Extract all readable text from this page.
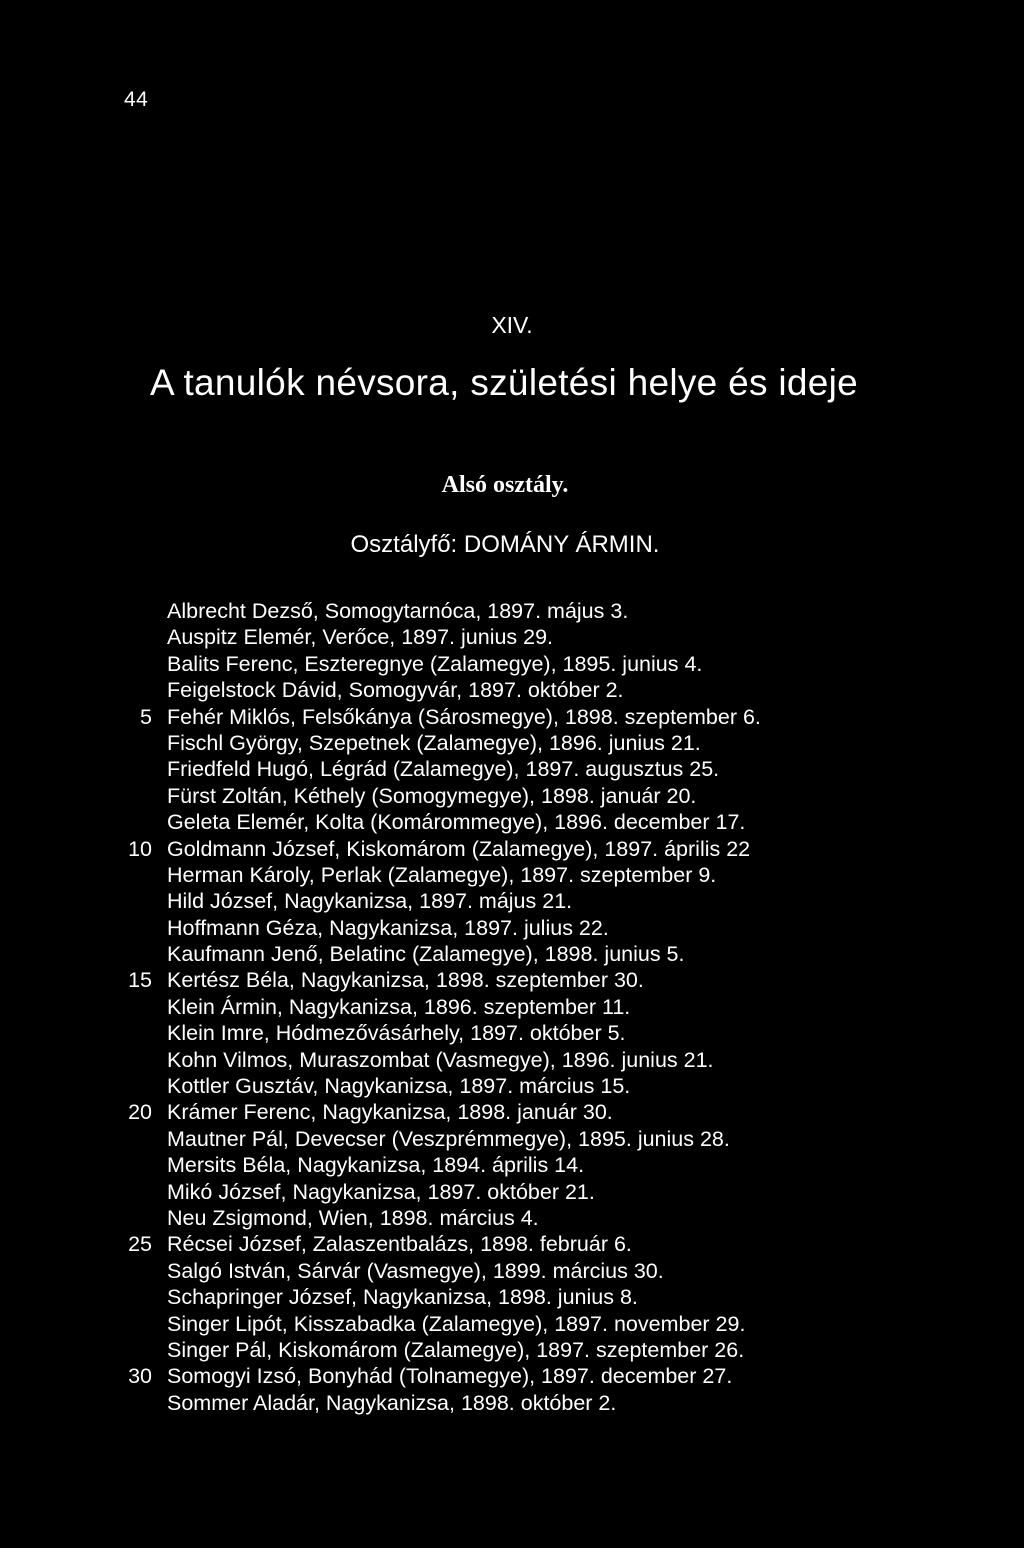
44
XIV.
A tanulók névsora, születési helye és ideje
Alsó osztály.
Osztályfő: DOMÁNY ÁRMIN.
Albrecht Dezső, Somogytarnóca, 1897. május 3.
Auspitz Elemér, Verőce, 1897. junius 29.
Balits Ferenc, Eszteregnye (Zalamegye), 1895. junius 4.
Feigelstock Dávid, Somogyvár, 1897. október 2.
5 Fehér Miklós, Felsőkánya (Sárosmegye), 1898. szeptember 6.
Fischl György, Szepetnek (Zalamegye), 1896. junius 21.
Friedfeld Hugó, Légrád (Zalamegye), 1897. augusztus 25.
Fürst Zoltán, Kéthely (Somogymegye), 1898. január 20.
Geleta Elemér, Kolta (Komárommegye), 1896. december 17.
10 Goldmann József, Kiskomárom (Zalamegye), 1897. április 22
Herman Károly, Perlak (Zalamegye), 1897. szeptember 9.
Hild József, Nagykanizsa, 1897. május 21.
Hoffmann Géza, Nagykanizsa, 1897. julius 22.
Kaufmann Jenő, Belatinc (Zalamegye), 1898. junius 5.
15 Kertész Béla, Nagykanizsa, 1898. szeptember 30.
Klein Ármin, Nagykanizsa, 1896. szeptember 11.
Klein Imre, Hódmezővásárhely, 1897. október 5.
Kohn Vilmos, Muraszombat (Vasmegye), 1896. junius 21.
Kottler Gusztáv, Nagykanizsa, 1897. március 15.
20 Krámer Ferenc, Nagykanizsa, 1898. január 30.
Mautner Pál, Devecser (Veszprémmegye), 1895. junius 28.
Mersits Béla, Nagykanizsa, 1894. április 14.
Mikó József, Nagykanizsa, 1897. október 21.
Neu Zsigmond, Wien, 1898. március 4.
25 Récsei József, Zalaszentbalázs, 1898. február 6.
Salgó István, Sárvár (Vasmegye), 1899. március 30.
Schapringer József, Nagykanizsa, 1898. junius 8.
Singer Lipót, Kisszabadka (Zalamegye), 1897. november 29.
Singer Pál, Kiskomárom (Zalamegye), 1897. szeptember 26.
30 Somogyi Izsó, Bonyhád (Tolnamegye), 1897. december 27.
Sommer Aladár, Nagykanizsa, 1898. október 2.
